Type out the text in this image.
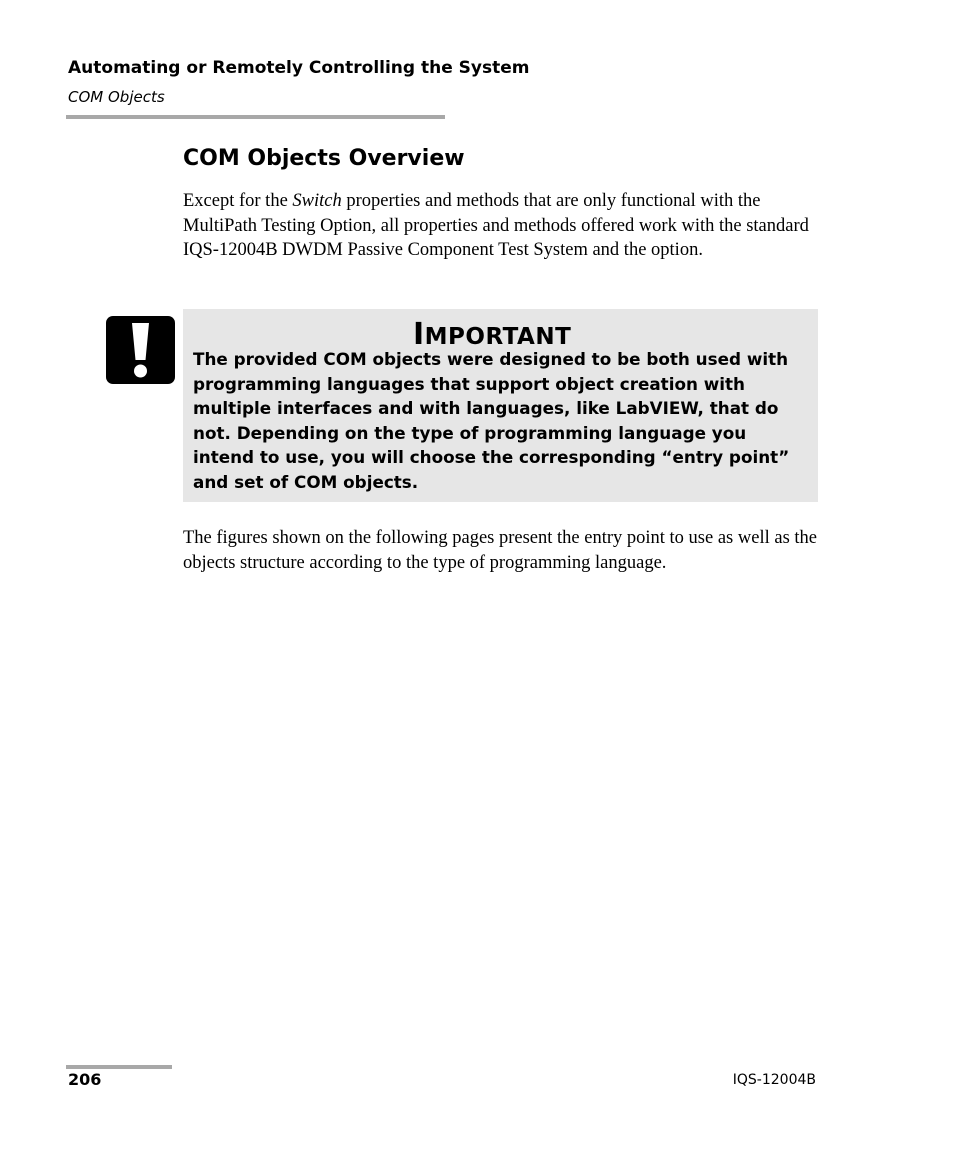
Automating or Remotely Controlling the System
COM Objects
COM Objects Overview

Except for the Switch properties and methods that are only functional with the MultiPath Testing Option, all properties and methods offered work with the standard IQS-12004B DWDM Passive Component Test System and the option.

IMPORTANT

The provided COM objects were designed to be both used with programming languages that support object creation with multiple interfaces and with languages, like LabVIEW, that do not. Depending on the type of programming language you intend to use, you will choose the corresponding “entry point” and set of COM objects.

The figures shown on the following pages present the entry point to use as well as the objects structure according to the type of programming language.

206	IQS-12004B
